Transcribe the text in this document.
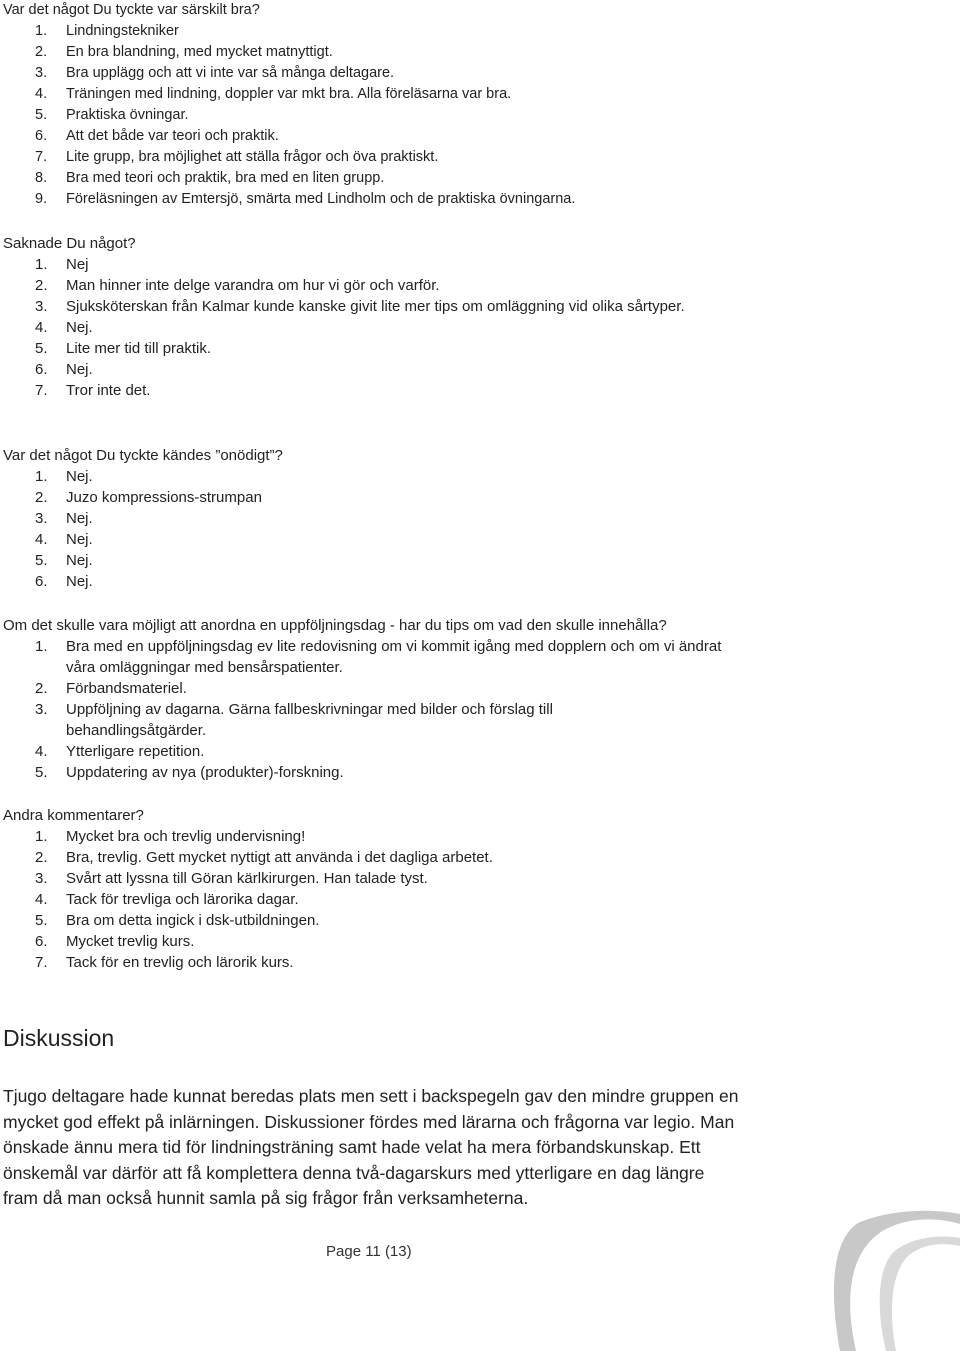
Var det något Du tyckte var särskilt bra?

1. Lindningstekniker
2. En bra blandning, med mycket matnyttigt.
3. Bra upplägg och att vi inte var så många deltagare.
4. Träningen med lindning, doppler var mkt bra. Alla föreläsarna var bra.
5. Praktiska övningar.
6. Att det både var teori och praktik.
7. Lite grupp, bra möjlighet att ställa frågor och öva praktiskt.
8. Bra med teori och praktik, bra med en liten grupp.
9. Föreläsningen av Emtersjö, smärta med Lindholm och de praktiska övningarna.

Saknade Du något?

1. Nej
2. Man hinner inte delge varandra om hur vi gör och varför.
3. Sjuksköterskan från Kalmar kunde kanske givit lite mer tips om omläggning vid olika sårtyper.
4. Nej.
5. Lite mer tid till praktik.
6. Nej.
7. Tror inte det.

Var det något Du tyckte kändes ”onödigt”?

1. Nej.
2. Juzo kompressions-strumpan
3. Nej.
4. Nej.
5. Nej.
6. Nej.

Om det skulle vara möjligt att anordna en uppföljningsdag - har du tips om vad den skulle innehålla?

1. Bra med en uppföljningsdag ev lite redovisning om vi kommit igång med dopplern och om vi ändrat våra omläggningar med bensårspatienter.
2. Förbandsmateriel.
3. Uppföljning av dagarna. Gärna fallbeskrivningar med bilder och förslag till behandlingsåtgärder.
4. Ytterligare repetition.
5. Uppdatering av nya (produkter)-forskning.

Andra kommentarer?

1. Mycket bra och trevlig undervisning!
2. Bra, trevlig. Gett mycket nyttigt att använda i det dagliga arbetet.
3. Svårt att lyssna till Göran kärlkirurgen. Han talade tyst.
4. Tack för trevliga och lärorika dagar.
5. Bra om detta ingick i dsk-utbildningen.
6. Mycket trevlig kurs.
7. Tack för en trevlig och lärorik kurs.
Diskussion

Tjugo deltagare hade kunnat beredas plats men sett i backspegeln gav den mindre gruppen en mycket god effekt på inlärningen. Diskussioner fördes med lärarna och frågorna var legio. Man önskade ännu mera tid för lindningsträning samt hade velat ha mera förbandskunskap. Ett önskemål var därför att få komplettera denna två-dagarskurs med ytterligare en dag längre fram då man också hunnit samla på sig frågor från verksamheterna.

Page 11 (13)
